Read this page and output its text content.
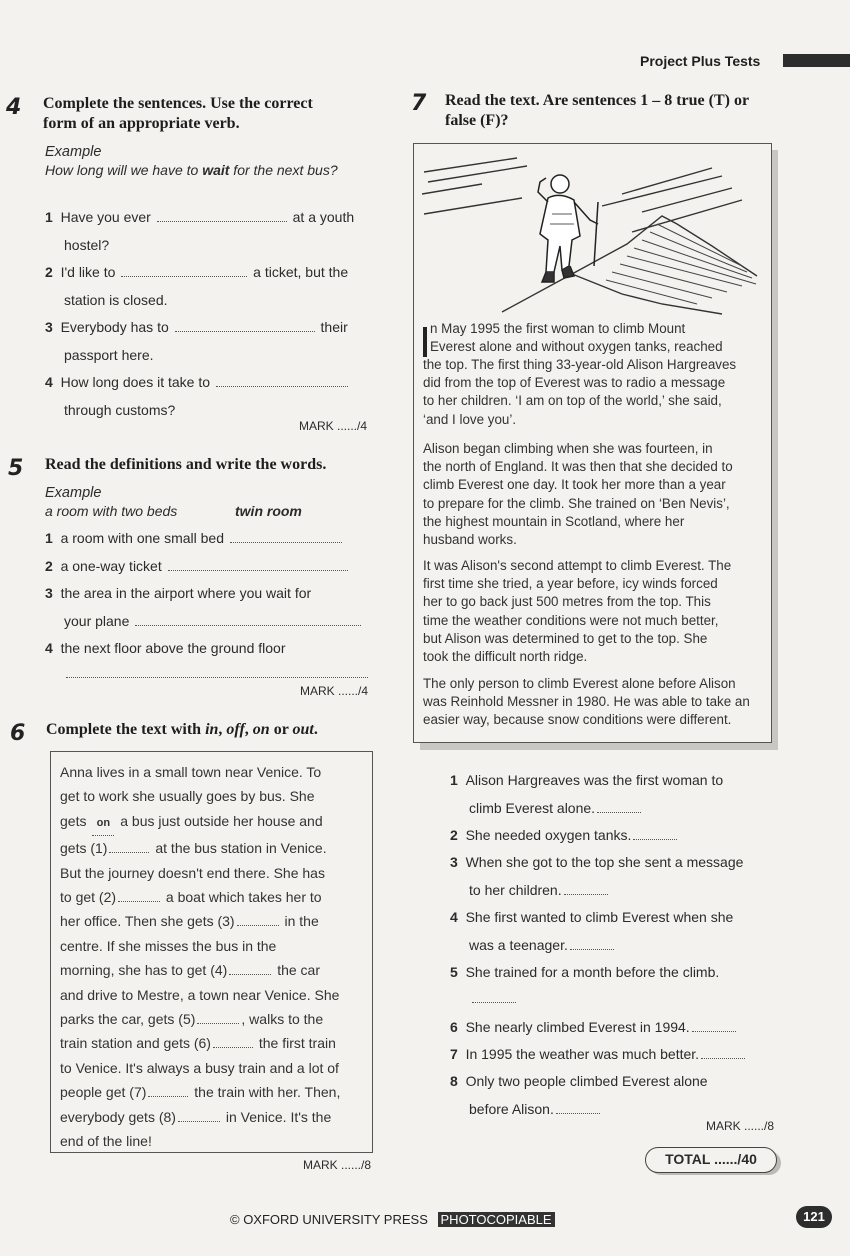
Project Plus Tests
4 Complete the sentences. Use the correct
form of an appropriate verb.
Example
How long will we have to wait for the next bus?
1 Have you ever	at a youth
hostel?
2 I'd like to	a ticket, but the
station is closed.
3 Everybody has to	their
passport here.
4 How long does it take to
through customs?
MARK ....../4
5 Read the definitions and write the words.
Example
a room with two beds	twin room
1 a room with one small bed
2 a one-way ticket
3 the area in the airport where you wait for
your plane
4 the next floor above the ground floor
MARK ....../4
6 Complete the text with in, off, on or out.
Anna lives in a small town near Venice. To
get to work she usually goes by bus. She
gets on a bus just outside her house and
gets (1)	at the bus station in Venice.
But the journey doesn't end there. She has
to get (2)	a boat which takes her to
her office. Then she gets (3)	in the
centre. If she misses the bus in the
morning, she has to get (4)	the car
and drive to Mestre, a town near Venice. She
parks the car, gets (5)	, walks to the
train station and gets (6)	the first train
to Venice. It's always a busy train and a lot of
people get (7)	the train with her. Then,
everybody gets (8)	in Venice. It's the
end of the line!
MARK ....../8
7 Read the text. Are sentences 1 – 8 true (T) or
false (F)?
n May 1995 the first woman to climb Mount
Everest alone and without oxygen tanks, reached
the top. The first thing 33-year-old Alison Hargreaves
did from the top of Everest was to radio a message
to her children. ‘I am on top of the world,’ she said,
‘and I love you’.
Alison began climbing when she was fourteen, in
the north of England. It was then that she decided to
climb Everest one day. It took her more than a year
to prepare for the climb. She trained on ‘Ben Nevis’,
the highest mountain in Scotland, where her
husband works.
It was Alison's second attempt to climb Everest. The
first time she tried, a year before, icy winds forced
her to go back just 500 metres from the top. This
time the weather conditions were not much better,
but Alison was determined to get to the top. She
took the difficult north ridge.
The only person to climb Everest alone before Alison
was Reinhold Messner in 1980. He was able to take an
easier way, because snow conditions were different.
1 Alison Hargreaves was the first woman to
climb Everest alone.
2 She needed oxygen tanks.
3 When she got to the top she sent a message
to her children.
4 She first wanted to climb Everest when she
was a teenager.
5 She trained for a month before the climb.
6 She nearly climbed Everest in 1994.
7 In 1995 the weather was much better.
8 Only two people climbed Everest alone
before Alison.
MARK ....../8
TOTAL ....../40
© OXFORD UNIVERSITY PRESS PHOTOCOPIABLE	121
